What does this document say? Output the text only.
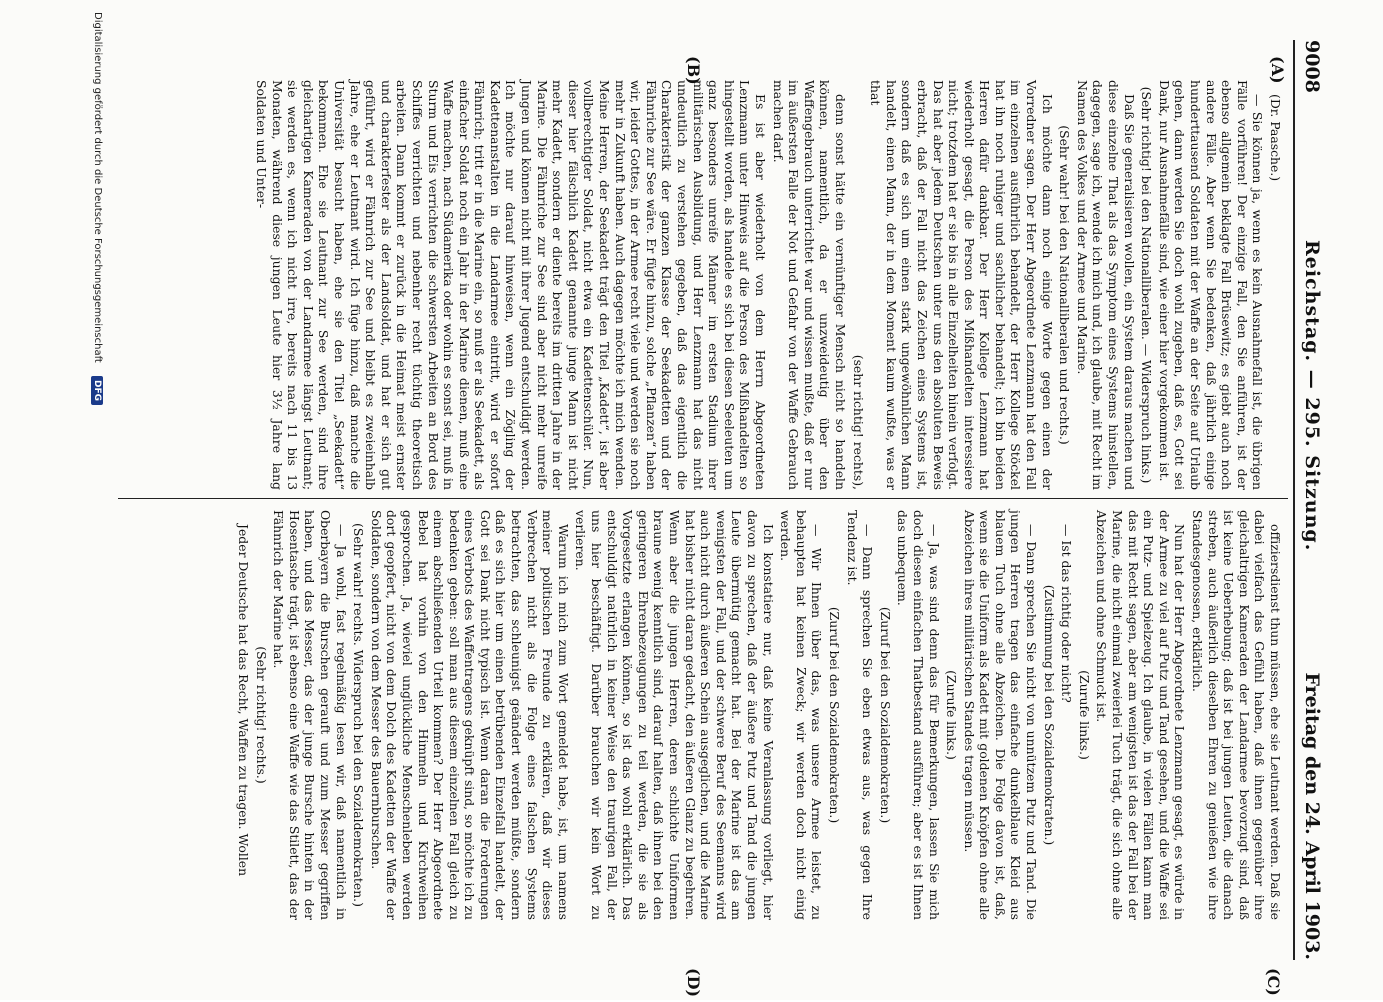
9008
Reichstag. — 295. Sitzung.
Freitag den 24. April 1903.
(A)
(B)
(C)
(D)

(Dr. Paasche.)

— Sie können ja, wenn es kein Ausnahmefall ist, die übrigen Fälle vorführen! Der einzige Fall, den Sie anführen, ist der ebenso allgemein beklagte Fall Brüsewitz; es giebt auch noch andere Fälle. Aber wenn Sie bedenken, daß jährlich einige hunderttausend Soldaten mit der Waffe an der Seite auf Urlaub gehen, dann werden Sie doch wohl zugeben, daß es, Gott sei Dank, nur Ausnahmefälle sind, wie einer hier vorgekommen ist.

(Sehr richtig! bei den Nationalliberalen. — Widerspruch links.)

Daß Sie generalisieren wollen, ein System daraus machen und diese einzelne That als das Symptom eines Systems hinstellen, dagegen, sage ich, wende ich mich und, ich glaube, mit Recht im Namen des Volkes und der Armee und Marine.

(Sehr wahr! bei den Nationalliberalen und rechts.)

Ich möchte dann noch einige Worte gegen einen der Vorredner sagen. Der Herr Abgeordnete Lenzmann hat den Fall im einzelnen ausführlich behandelt, der Herr Kollege Stöckel hat ihn noch ruhiger und sachlicher behandelt; ich bin beiden Herren dafür dankbar. Der Herr Kollege Lenzmann hat wiederholt gesagt, die Person des Mißhandelten interessiere nicht; trotzdem hat er sie bis in alle Einzelheiten hinein verfolgt. Das hat aber jedem Deutschen unter uns den absoluten Beweis erbracht, daß der Fall nicht das Zeichen eines Systems ist, sondern daß es sich um einen stark ungewöhnlichen Mann handelt, einen Mann, der in dem Moment kaum wußte, was er that

(sehr richtig! rechts),

denn sonst hätte ein vernünftiger Mensch nicht so handeln können, namentlich, da er unzweideutig über den Waffengebrauch unterrichtet war und wissen mußte, daß er nur im äußersten Falle der Not und Gefahr von der Waffe Gebrauch machen darf.

Es ist aber wiederholt von dem Herrn Abgeordneten Lenzmann unter Hinweis auf die Person des Mißhandelten so hingestellt worden, als handele es sich bei diesen Seeleuten um ganz besonders unreife Männer im ersten Stadium ihrer militärischen Ausbildung, und Herr Lenzmann hat das nicht undeutlich zu verstehen gegeben, daß das eigentlich die Charakteristik der ganzen Klasse der Seekadetten und der Fähnriche zur See wäre. Er fügte hinzu, solche „Pflanzen“ haben wir, leider Gottes, in der Armee recht viele und werden sie noch mehr in Zukunft haben. Auch dagegen möchte ich mich wenden. Meine Herren, der Seekadett trägt den Titel „Kadett“, ist aber vollberechtigter Soldat, nicht etwa ein Kadettenschüler. Nun, dieser hier fälschlich Kadett genannte junge Mann ist nicht mehr Kadett, sondern er diente bereits im dritten Jahre in der Marine. Die Fähnriche zur See sind aber nicht mehr unreife Jungen und können nicht mit ihrer Jugend entschuldigt werden. Ich möchte nur darauf hinweisen, wenn ein Zögling der Kadettenanstalten in die Landarmee eintritt, wird er sofort Fähnrich; tritt er in die Marine ein, so muß er als Seekadett, als einfacher Soldat noch ein Jahr in der Marine dienen, muß eine Waffe machen, nach Südamerika oder wohin es sonst sei, muß in Sturm und Eis verrichten die schwersten Arbeiten an Bord des Schiffes verrichten und nebenher recht tüchtig theoretisch arbeiten. Dann kommt er zurück in die Heimat meist ernster und charakterfester als der Landsoldat, und hat er sich gut geführt, wird er Fähnrich zur See und bleibt es zweieinhalb Jahre, ehe er Leutnant wird. Ich füge hinzu, daß manche die Universität besucht haben, ehe sie den Titel „Seekadett“ bekommen. Ehe sie Leutnant zur See werden, sind ihre gleichartigen Kameraden von der Landarmee längst Leutnant; sie werden es, wenn ich nicht irre, bereits nach 11 bis 13 Monaten, während diese jungen Leute hier 3½ Jahre lang Soldaten und Unter-

offiziersdienst thun müssen, ehe sie Leutnant werden. Daß sie dabei vielfach das Gefühl haben, daß ihnen gegenüber ihre gleichaltrigen Kameraden der Landarmee bevorzugt sind, daß ist keine Ueberhebung; daß ist bei jungen Leuten, die danach streben, auch äußerlich dieselben Ehren zu genießen wie ihre Standesgenossen, erklärlich.

Nun hat der Herr Abgeordnete Lenzmann gesagt, es würde in der Armee zu viel auf Putz und Tand gesehen, und die Waffe sei ein Putz- und Spielzeug. Ich glaube, in vielen Fällen kann man das mit Recht sagen, aber am wenigsten ist das der Fall bei der Marine, die nicht einmal zweierlei Tuch trägt, die sich ohne alle Abzeichen und ohne Schmuck ist.

(Zurufe links.)

— Ist das richtig oder nicht?

(Zustimmung bei den Sozialdemokraten.)

— Dann sprechen Sie nicht von unnützem Putz und Tand. Die jungen Herren tragen das einfache dunkelblaue Kleid aus blauem Tuch ohne alle Abzeichen. Die Folge davon ist, daß, wenn sie die Uniform als Kadett mit goldenen Knöpfen ohne alle Abzeichen ihres militärischen Standes tragen müssen.

(Zurufe links.)

— Ja, was sind denn das für Bemerkungen, lassen Sie mich doch diesen einfachen Thatbestand ausführen; aber es ist Ihnen das unbequem.

(Zuruf bei den Sozialdemokraten.)

— Dann sprechen Sie eben etwas aus, was gegen Ihre Tendenz ist.

(Zuruf bei den Sozialdemokraten.)

— Wir Ihnen über das, was unsere Armee leistet, zu behaupten hat keinen Zweck; wir werden doch nicht einig werden.

Ich konstatiere nur, daß keine Veranlassung vorliegt, hier davon zu sprechen, daß der äußere Putz und Tand die jungen Leute übermütig gemacht hat. Bei der Marine ist das am wenigsten der Fall, und der schwere Beruf des Seemanns wird auch nicht durch äußeren Schein ausgeglichen, und die Marine hat bisher nicht daran gedacht, den äußeren Glanz zu begehren. Wenn aber die jungen Herren, deren schlichte Uniformen braune wenig kenntlich sind, darauf halten, daß ihnen bei den geringeren Ehrenbezeugungen zu teil werden, die sie als Vorgesetzte erlangen können, so ist das wohl erklärlich. Das entschuldigt natürlich in keiner Weise den traurigen Fall, der uns hier beschäftigt. Darüber brauchen wir kein Wort zu verlieren.

Warum ich mich zum Wort gemeldet habe, ist, um namens meiner politischen Freunde zu erklären, daß wir dieses Verbrechen nicht als die Folge eines falschen Systems betrachten, das schleunigst geändert werden müßte, sondern daß es sich hier um einen betrübenden Einzelfall handelt, der Gott sei Dank nicht typisch ist. Wenn daran die Forderungen eines Verbots des Waffentragens geknüpft sind, so möchte ich zu bedenken geben: soll man aus diesem einzelnen Fall gleich zu einem abschließenden Urteil kommen? Der Herr Abgeordnete Bebel hat vorhin von den Himmeln und Kirchweihen gesprochen. Ja, wieviel unglückliche Menschenleben werden dort geopfert, nicht von dem Dolch des Kadetten der Waffe der Soldaten, sondern von dem Messer des Bauernburschen.

(Sehr wahr! rechts. Widerspruch bei den Sozialdemokraten.)

— Ja wohl, fast regelmäßig lesen wir, daß namentlich in Oberbayern die Burschen gerauft und zum Messer gegriffen haben, und das Messer, das der junge Bursche hinten in der Hosentasche trägt, ist ebenso eine Waffe wie das Stilett, das der Fähnrich der Marine hat.

(Sehr richtig! rechts.)

Jeder Deutsche hat das Recht, Waffen zu tragen. Wollen

Digitalisierung gefördert durch die Deutsche Forschungsgemeinschaft DFG
